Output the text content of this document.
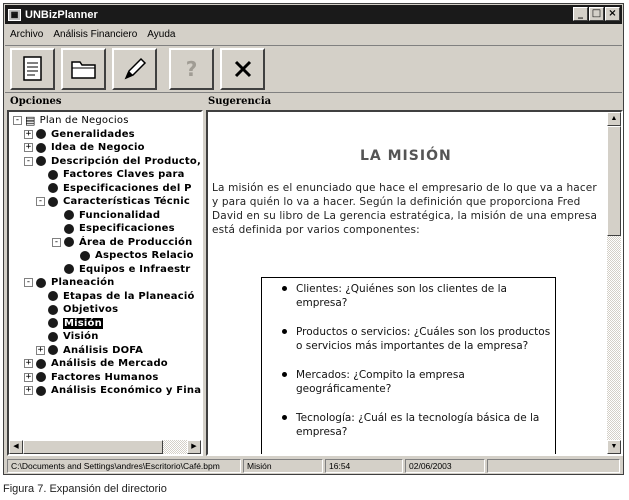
▦ UNBizPlanner	_ □ ×
Archivo	Análisis Financiero	Ayuda
?
Opciones	Sugerencia
- ▤ Plan de Negocios
+ Generalidades
+ Idea de Negocio
- Descripción del Producto,
Factores Claves para
Especificaciones del P
- Características Técnic
Funcionalidad
Especificaciones
- Área de Producción
Aspectos Relacio
Equipos e Infraestr
- Planeación
Etapas de la Planeació
Objetivos
Misión
Visión
+ Análisis DOFA
+ Análisis de Mercado
+ Factores Humanos
+ Análisis Económico y Fina
◀	▶
LA MISIÓN
La misión es el enunciado que hace el empresario de lo que va a hacer y para quién lo va a hacer. Según la definición que proporciona Fred David en su libro de La gerencia estratégica, la misión de una empresa está definida por varios componentes:
Clientes: ¿Quiénes son los clientes de la empresa?
Productos o servicios: ¿Cuáles son los productos o servicios más importantes de la empresa?
Mercados: ¿Compito la empresa geográficamente?
Tecnología: ¿Cuál es la tecnología básica de la empresa?
▲
▼
C:\Documents and Settings\andres\Escritorio\Café.bpm	Misión	16:54	02/06/2003
Figura 7. Expansión del directorio
